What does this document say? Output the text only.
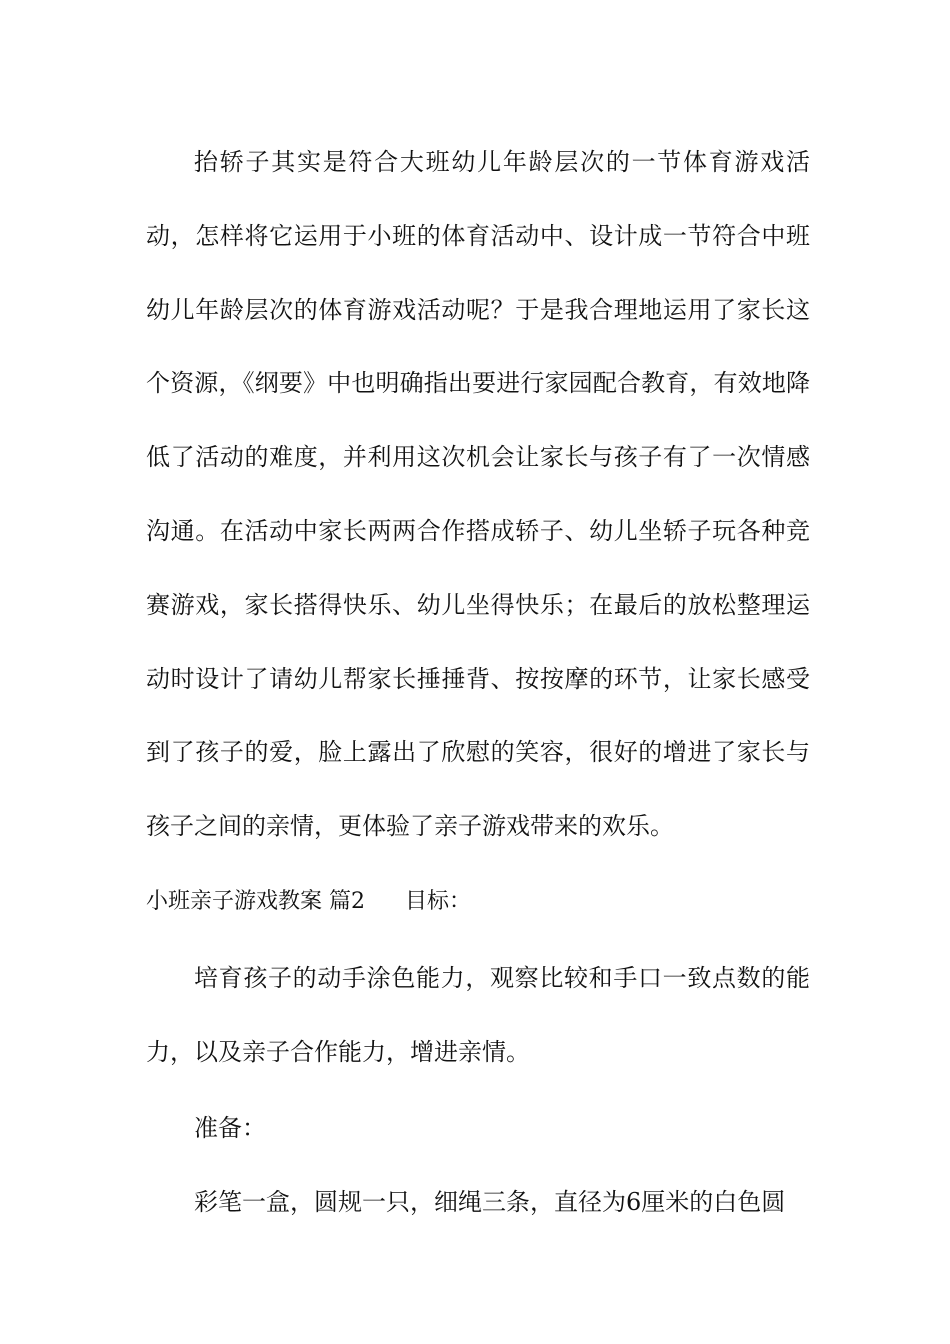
抬轿子其实是符合大班幼儿年龄层次的一节体育游戏活动，怎样将它运用于小班的体育活动中、设计成一节符合中班幼儿年龄层次的体育游戏活动呢？于是我合理地运用了家长这个资源，《纲要》中也明确指出要进行家园配合教育，有效地降低了活动的难度，并利用这次机会让家长与孩子有了一次情感沟通。在活动中家长两两合作搭成轿子、幼儿坐轿子玩各种竞赛游戏，家长搭得快乐、幼儿坐得快乐；在最后的放松整理运动时设计了请幼儿帮家长捶捶背、按按摩的环节，让家长感受到了孩子的爱，脸上露出了欣慰的笑容，很好的增进了家长与孩子之间的亲情，更体验了亲子游戏带来的欢乐。

小班亲子游戏教案 篇2 目标：

培育孩子的动手涂色能力，观察比较和手口一致点数的能力，以及亲子合作能力，增进亲情。

准备：
彩笔一盒，圆规一只，细绳三条，直径为6厘米的白色圆
